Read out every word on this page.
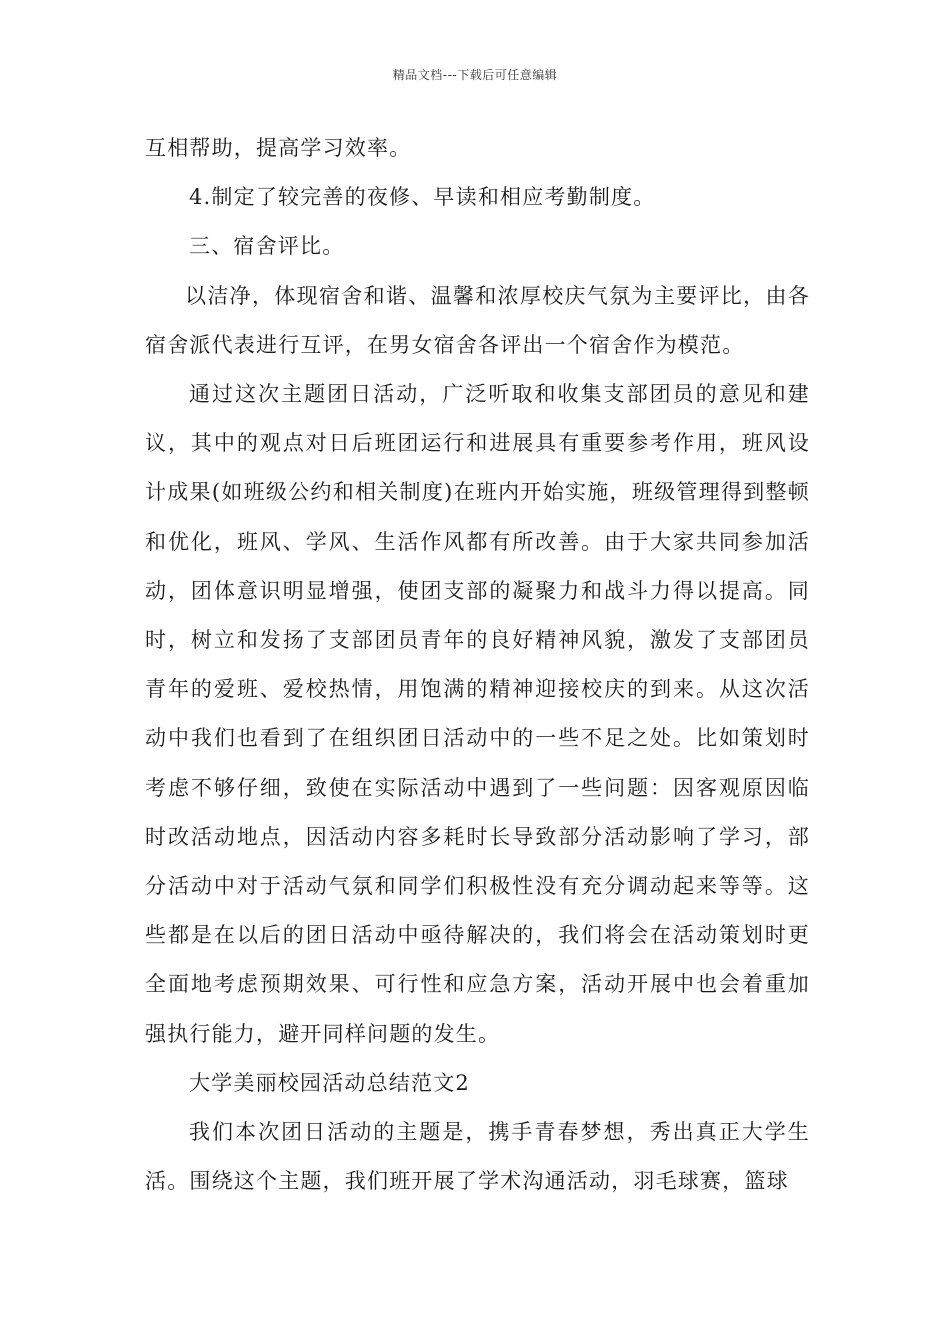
精品文档---下载后可任意编辑

互相帮助，提高学习效率。

4.制定了较完善的夜修、早读和相应考勤制度。

三、宿舍评比。

以洁净，体现宿舍和谐、温馨和浓厚校庆气氛为主要评比，由各宿舍派代表进行互评，在男女宿舍各评出一个宿舍作为模范。

通过这次主题团日活动，广泛听取和收集支部团员的意见和建议，其中的观点对日后班团运行和进展具有重要参考作用，班风设计成果(如班级公约和相关制度)在班内开始实施，班级管理得到整顿和优化，班风、学风、生活作风都有所改善。由于大家共同参加活动，团体意识明显增强，使团支部的凝聚力和战斗力得以提高。同时，树立和发扬了支部团员青年的良好精神风貌，激发了支部团员青年的爱班、爱校热情，用饱满的精神迎接校庆的到来。从这次活动中我们也看到了在组织团日活动中的一些不足之处。比如策划时考虑不够仔细，致使在实际活动中遇到了一些问题：因客观原因临时改活动地点，因活动内容多耗时长导致部分活动影响了学习，部分活动中对于活动气氛和同学们积极性没有充分调动起来等等。这些都是在以后的团日活动中亟待解决的，我们将会在活动策划时更全面地考虑预期效果、可行性和应急方案，活动开展中也会着重加强执行能力，避开同样问题的发生。

大学美丽校园活动总结范文2

我们本次团日活动的主题是，携手青春梦想，秀出真正大学生活。围绕这个主题，我们班开展了学术沟通活动，羽毛球赛，篮球
